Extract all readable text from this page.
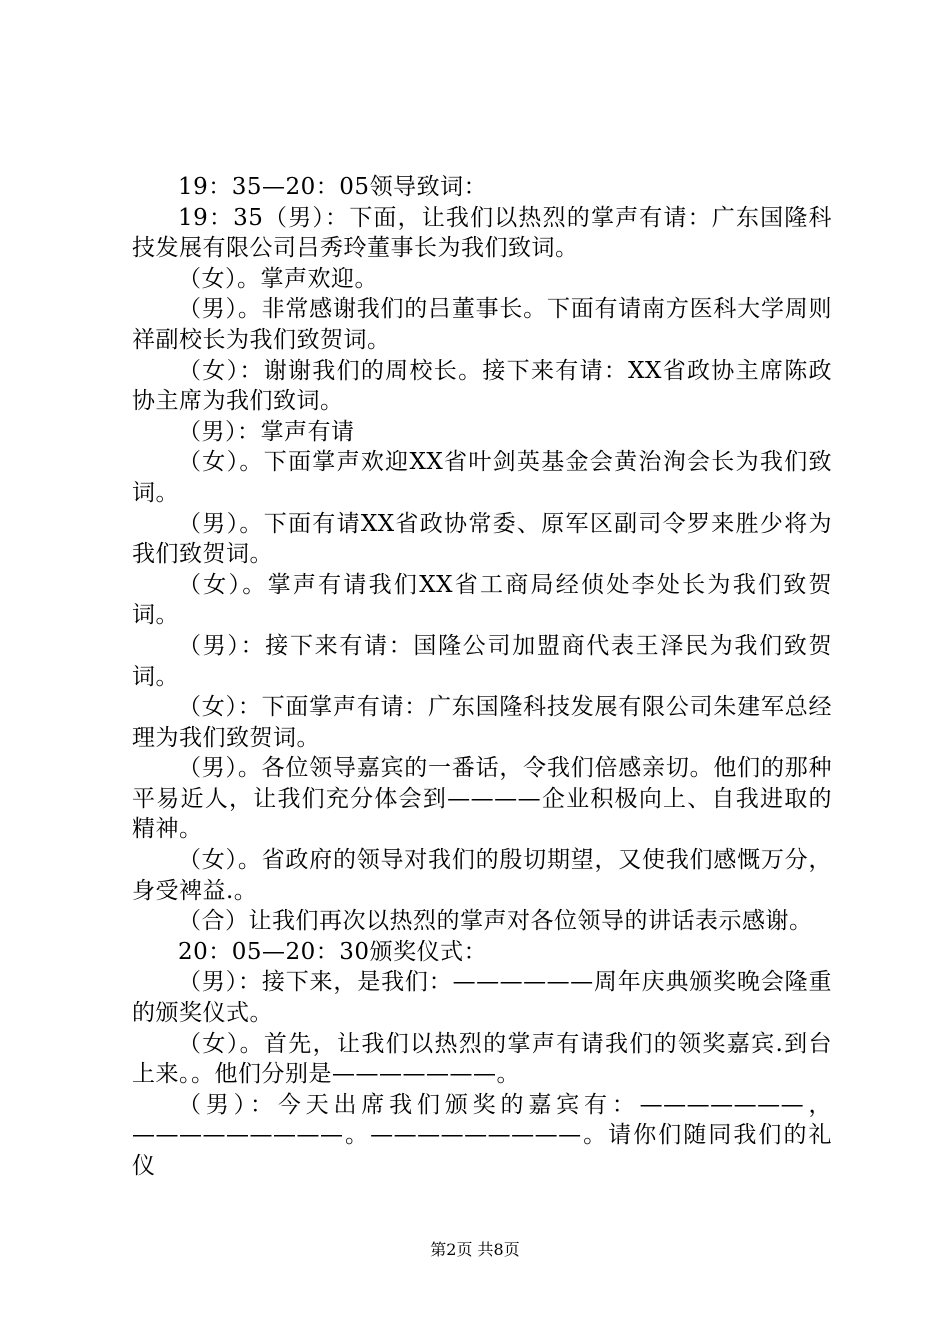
19：35—20：05领导致词：

19：35（男）：下面，让我们以热烈的掌声有请：广东国隆科技发展有限公司吕秀玲董事长为我们致词。

（女）。掌声欢迎。

（男）。非常感谢我们的吕董事长。下面有请南方医科大学周则祥副校长为我们致贺词。

（女）：谢谢我们的周校长。接下来有请：XX省政协主席陈政协主席为我们致词。

（男）：掌声有请

（女）。下面掌声欢迎XX省叶剑英基金会黄治洵会长为我们致词。

（男）。下面有请XX省政协常委、原军区副司令罗来胜少将为我们致贺词。

（女）。掌声有请我们XX省工商局经侦处李处长为我们致贺词。

（男）：接下来有请：国隆公司加盟商代表王泽民为我们致贺词。

（女）：下面掌声有请：广东国隆科技发展有限公司朱建军总经理为我们致贺词。

（男）。各位领导嘉宾的一番话，令我们倍感亲切。他们的那种平易近人，让我们充分体会到————企业积极向上、自我进取的精神。

（女）。省政府的领导对我们的殷切期望，又使我们感慨万分，身受裨益.。

（合）让我们再次以热烈的掌声对各位领导的讲话表示感谢。

20：05—20：30颁奖仪式：

（男）：接下来，是我们：——————周年庆典颁奖晚会隆重的颁奖仪式。

（女）。首先，让我们以热烈的掌声有请我们的领奖嘉宾.到台上来。。他们分别是———————。

（男）：今天出席我们颁奖的嘉宾有：———————，—————————。—————————。请你们随同我们的礼仪

第2页 共8页
